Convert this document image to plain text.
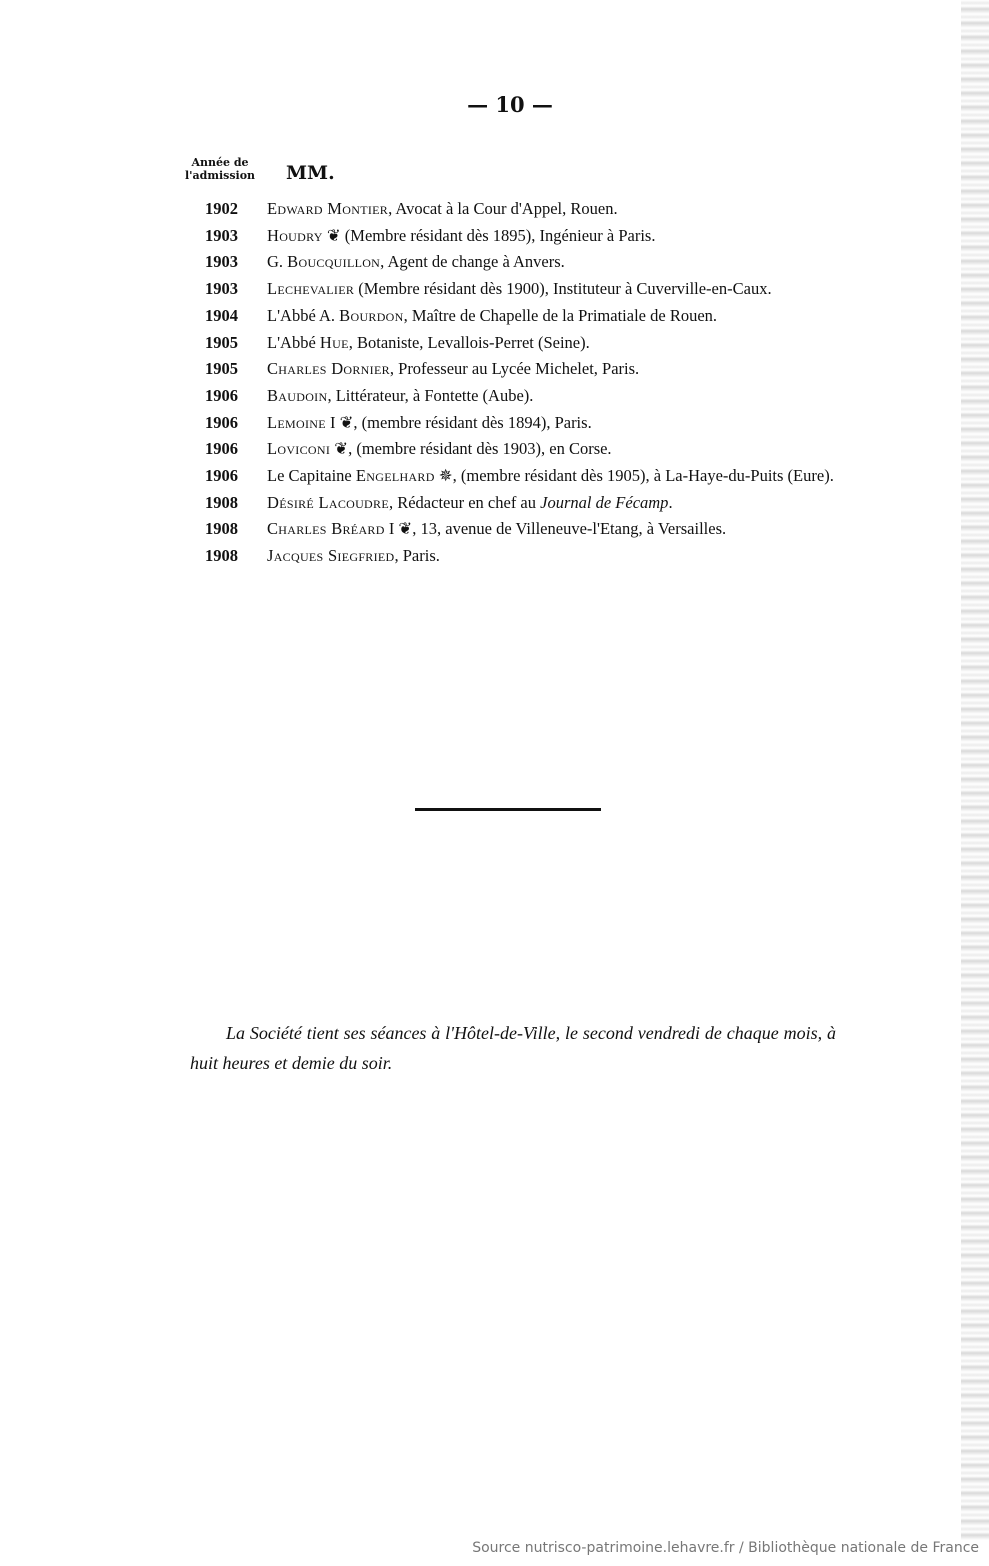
— 10 —
Année de
l'admission MM.
1902 Edward Montier, Avocat à la Cour d'Appel, Rouen.
1903 Houdry ❦ (Membre résidant dès 1895), Ingénieur à Paris.
1903 G. Boucquillon, Agent de change à Anvers.
1903 Lechevalier (Membre résidant dès 1900), Instituteur à Cuverville-en-Caux.
1904 L'Abbé A. Bourdon, Maître de Chapelle de la Primatiale de Rouen.
1905 L'Abbé Hue, Botaniste, Levallois-Perret (Seine).
1905 Charles Dornier, Professeur au Lycée Michelet, Paris.
1906 Baudoin, Littérateur, à Fontette (Aube).
1906 Lemoine I ❦, (membre résidant dès 1894), Paris.
1906 Loviconi ❦, (membre résidant dès 1903), en Corse.
1906 Le Capitaine Engelhard ✵, (membre résidant dès 1905), à La-Haye-du-Puits (Eure).
1908 Désiré Lacoudre, Rédacteur en chef au Journal de Fécamp.
1908 Charles Bréard I ❦, 13, avenue de Villeneuve-l'Etang, à Versailles.
1908 Jacques Siegfried, Paris.
La Société tient ses séances à l'Hôtel-de-Ville, le second vendredi de chaque mois, à huit heures et demie du soir.
Source nutrisco-patrimoine.lehavre.fr / Bibliothèque nationale de France
